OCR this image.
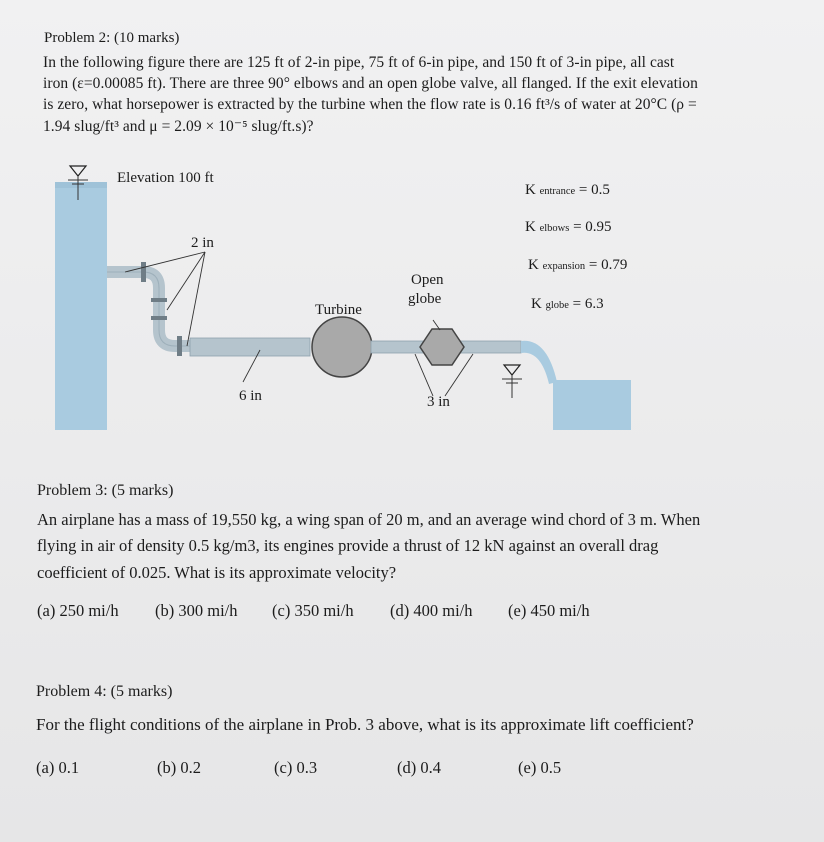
Problem 2: (10 marks)
In the following figure there are 125 ft of 2-in pipe, 75 ft of 6-in pipe, and 150 ft of 3-in pipe, all cast
iron (ε=0.00085 ft). There are three 90° elbows and an open globe valve, all flanged. If the exit elevation
is zero, what horsepower is extracted by the turbine when the flow rate is 0.16 ft³/s of water at 20°C (ρ =
1.94 slug/ft³ and μ = 2.09 × 10⁻⁵ slug/ft.s)?
Elevation 100 ft
2 in
6 in	3 in
Turbine
Open
globe
K entrance = 0.5
K elbows = 0.95
K expansion = 0.79
K globe = 6.3
Problem 3: (5 marks)
An airplane has a mass of 19,550 kg, a wing span of 20 m, and an average wind chord of 3 m. When
flying in air of density 0.5 kg/m3, its engines provide a thrust of 12 kN against an overall drag
coefficient of 0.025. What is its approximate velocity?
(a) 250 mi/h (b) 300 mi/h (c) 350 mi/h (d) 400 mi/h (e) 450 mi/h
Problem 4: (5 marks)
For the flight conditions of the airplane in Prob. 3 above, what is its approximate lift coefficient?
(a) 0.1	(b) 0.2	(c) 0.3	(d) 0.4	(e) 0.5
